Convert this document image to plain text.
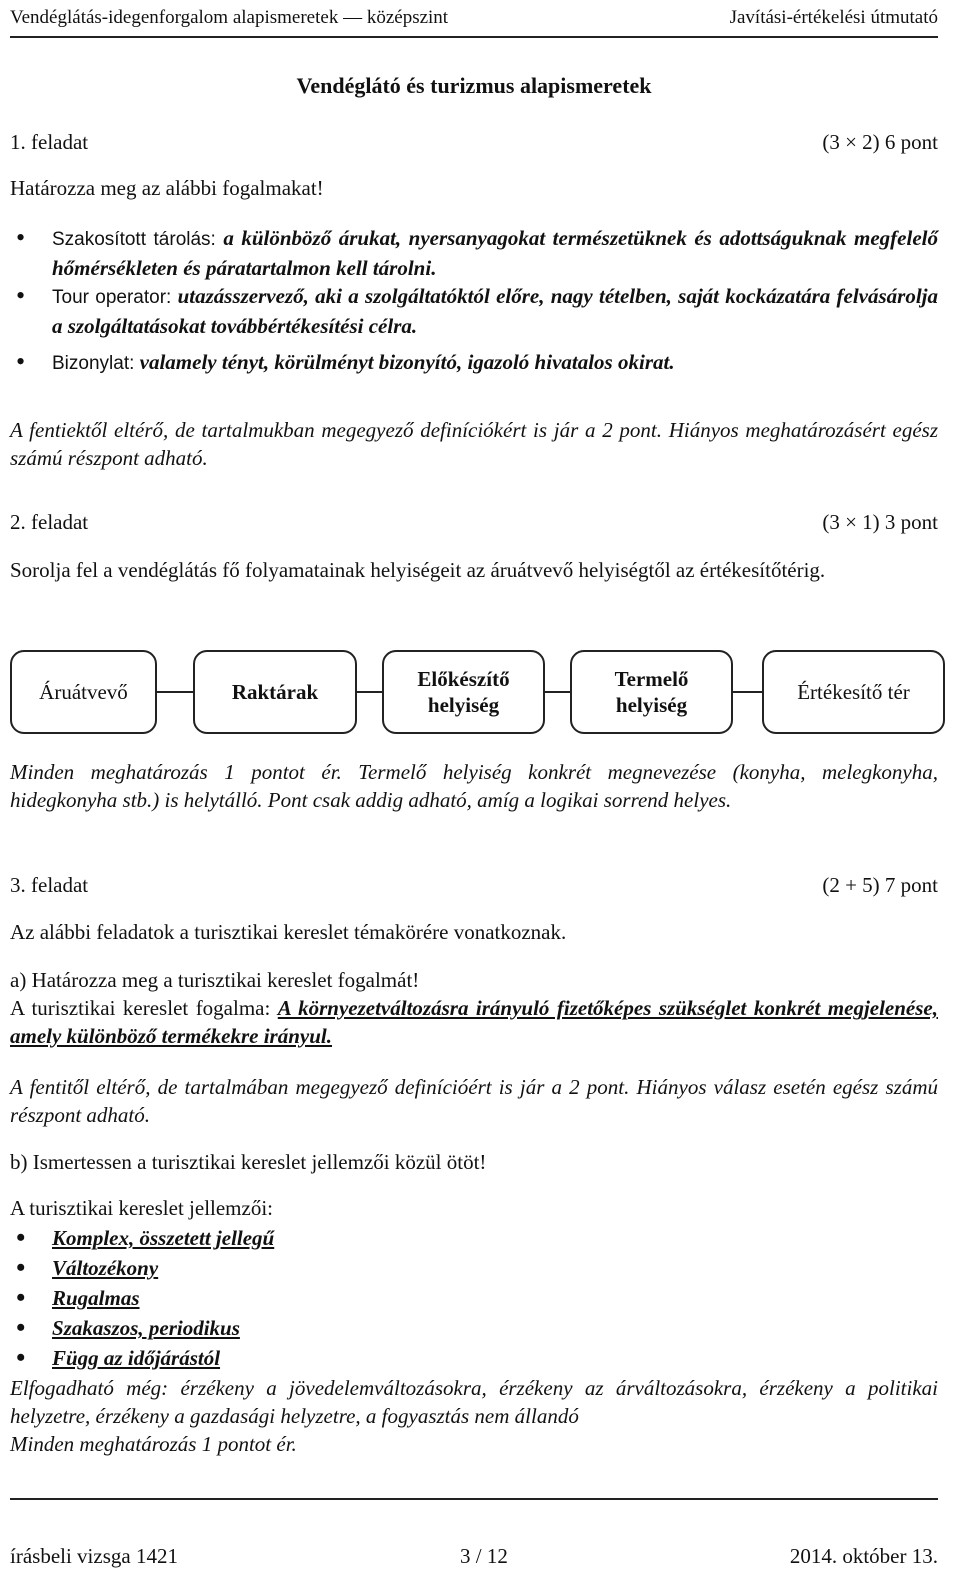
Vendéglátás-idegenforgalom alapismeretek — középszint	Javítási-értékelési útmutató
Vendéglátó és turizmus alapismeretek
1. feladat	(3 × 2) 6 pont
Határozza meg az alábbi fogalmakat!
• Szakosított tárolás: a különböző árukat, nyersanyagokat természetüknek és adottságuknak megfelelő hőmérsékleten és páratartalmon kell tárolni.
• Tour operator: utazásszervező, aki a szolgáltatóktól előre, nagy tételben, saját kockázatára felvásárolja a szolgáltatásokat továbbértékesítési célra.
• Bizonylat: valamely tényt, körülményt bizonyító, igazoló hivatalos okirat.
A fentiektől eltérő, de tartalmukban megegyező definíciókért is jár a 2 pont. Hiányos meghatározásért egész számú részpont adható.
2. feladat	(3 × 1) 3 pont
Sorolja fel a vendéglátás fő folyamatainak helyiségeit az áruátvevő helyiségtől az értékesítőtérig.
Áruátvevő	Raktárak
Előkészítő
helyiség
Termelő
helyiség
Értékesítő tér
Minden meghatározás 1 pontot ér. Termelő helyiség konkrét megnevezése (konyha, melegkonyha, hidegkonyha stb.) is helytálló. Pont csak addig adható, amíg a logikai sorrend helyes.
3. feladat	(2 + 5) 7 pont
Az alábbi feladatok a turisztikai kereslet témakörére vonatkoznak.
a) Határozza meg a turisztikai kereslet fogalmát!
A turisztikai kereslet fogalma: A környezetváltozásra irányuló fizetőképes szükséglet konkrét megjelenése, amely különböző termékekre irányul.
A fentitől eltérő, de tartalmában megegyező definícióért is jár a 2 pont. Hiányos válasz esetén egész számú részpont adható.
b) Ismertessen a turisztikai kereslet jellemzői közül ötöt!
A turisztikai kereslet jellemzői:
• Komplex, összetett jellegű
• Változékony
• Rugalmas
• Szakaszos, periodikus
• Függ az időjárástól
Elfogadható még: érzékeny a jövedelemváltozásokra, érzékeny az árváltozásokra, érzékeny a politikai helyzetre, érzékeny a gazdasági helyzetre, a fogyasztás nem állandó
Minden meghatározás 1 pontot ér.
írásbeli vizsga 1421	3 / 12	2014. október 13.
